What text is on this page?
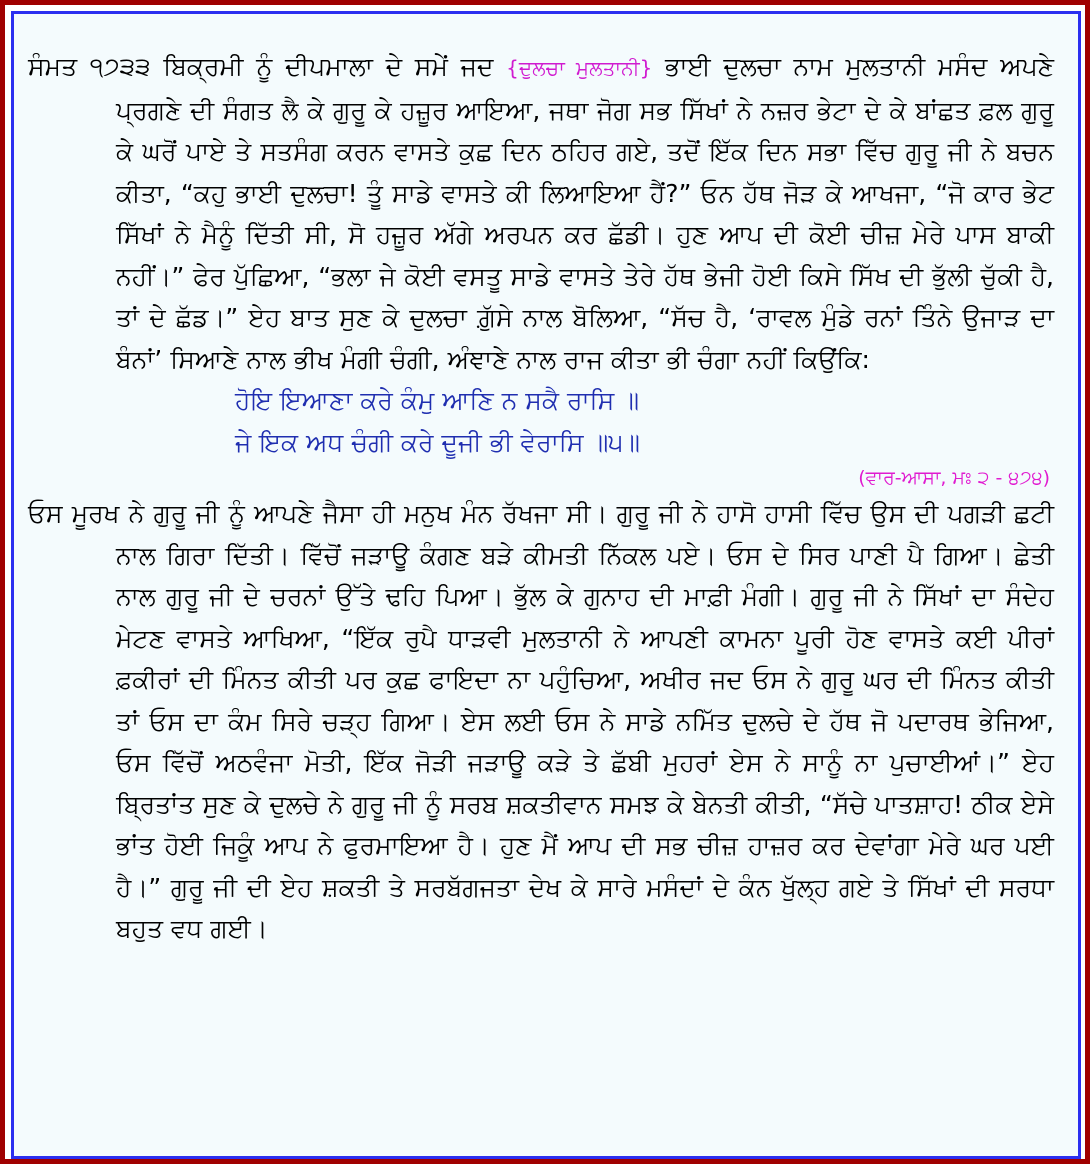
ਸੰਮਤ ੧੭੩੩ ਬਿਕ੍ਰਮੀ ਨੂੰ ਦੀਪਮਾਲਾ ਦੇ ਸਮੇਂ ਜਦ {ਦੁਲਚਾ ਮੁਲਤਾਨੀ} ਭਾਈ ਦੁਲਚਾ ਨਾਮ ਮੁਲਤਾਨੀ ਮਸੰਦ ਅਪਣੇ ਪ੍ਰਗਣੇ ਦੀ ਸੰਗਤ ਲੈ ਕੇ ਗੁਰੂ ਕੇ ਹਜ਼ੂਰ ਆਇਆ, ਜਥਾ ਜੋਗ ਸਭ ਸਿੱਖਾਂ ਨੇ ਨਜ਼ਰ ਭੇਟਾ ਦੇ ਕੇ ਬਾਂਛਤ ਫ਼ਲ ਗੁਰੂ ਕੇ ਘਰੋਂ ਪਾਏ ਤੇ ਸਤਸੰਗ ਕਰਨ ਵਾਸਤੇ ਕੁਛ ਦਿਨ ਠਹਿਰ ਗਏ, ਤਦੋਂ ਇੱਕ ਦਿਨ ਸਭਾ ਵਿੱਚ ਗੁਰੂ ਜੀ ਨੇ ਬਚਨ ਕੀਤਾ, “ਕਹੁ ਭਾਈ ਦੁਲਚਾ! ਤੂੰ ਸਾਡੇ ਵਾਸਤੇ ਕੀ ਲਿਆਇਆ ਹੈਂ?” ਓਨ ਹੱਥ ਜੋੜ ਕੇ ਆਖਜਾ, “ਜੋ ਕਾਰ ਭੇਟ ਸਿੱਖਾਂ ਨੇ ਮੈਨੂੰ ਦਿੱਤੀ ਸੀ, ਸੋ ਹਜ਼ੂਰ ਅੱਗੇ ਅਰਪਨ ਕਰ ਛੱਡੀ। ਹੁਣ ਆਪ ਦੀ ਕੋਈ ਚੀਜ਼ ਮੇਰੇ ਪਾਸ ਬਾਕੀ ਨਹੀਂ।” ਫੇਰ ਪੁੱਛਿਆ, “ਭਲਾ ਜੇ ਕੋਈ ਵਸਤੂ ਸਾਡੇ ਵਾਸਤੇ ਤੇਰੇ ਹੱਥ ਭੇਜੀ ਹੋਈ ਕਿਸੇ ਸਿੱਖ ਦੀ ਭੁੱਲੀ ਚੁੱਕੀ ਹੈ, ਤਾਂ ਦੇ ਛੱਡ।” ਏਹ ਬਾਤ ਸੁਣ ਕੇ ਦੁਲਚਾ ਗ਼ੁੱਸੇ ਨਾਲ ਬੋਲਿਆ, “ਸੱਚ ਹੈ, ‘ਰਾਵਲ ਮੁੰਡੇ ਰਨਾਂ ਤਿੰਨੇ ਉਜਾੜ ਦਾ ਬੰਨਾਂ’ ਸਿਆਣੇ ਨਾਲ ਭੀਖ ਮੰਗੀ ਚੰਗੀ, ਅੰਞਾਣੇ ਨਾਲ ਰਾਜ ਕੀਤਾ ਭੀ ਚੰਗਾ ਨਹੀਂ ਕਿਉਂਕਿ:

ਹੋਇ ਇਆਣਾ ਕਰੇ ਕੰਮੁ ਆਣਿ ਨ ਸਕੈ ਰਾਸਿ ॥

ਜੇ ਇਕ ਅਧ ਚੰਗੀ ਕਰੇ ਦੂਜੀ ਭੀ ਵੇਰਾਸਿ ॥੫॥

(ਵਾਰ-ਆਸਾ, ਮਃ ੨ - ੪੭੪)

ਓਸ ਮੂਰਖ ਨੇ ਗੁਰੂ ਜੀ ਨੂੰ ਆਪਣੇ ਜੈਸਾ ਹੀ ਮਨੁਖ ਮੰਨ ਰੱਖਜਾ ਸੀ। ਗੁਰੂ ਜੀ ਨੇ ਹਾਸੋ ਹਾਸੀ ਵਿੱਚ ਉਸ ਦੀ ਪਗੜੀ ਛਟੀ ਨਾਲ ਗਿਰਾ ਦਿੱਤੀ। ਵਿੱਚੋਂ ਜੜਾਊ ਕੰਗਣ ਬੜੇ ਕੀਮਤੀ ਨਿੱਕਲ ਪਏ। ਓਸ ਦੇ ਸਿਰ ਪਾਣੀ ਪੈ ਗਿਆ। ਛੇਤੀ ਨਾਲ ਗੁਰੂ ਜੀ ਦੇ ਚਰਨਾਂ ਉੱਤੇ ਢਹਿ ਪਿਆ। ਭੁੱਲ ਕੇ ਗੁਨਾਹ ਦੀ ਮਾਫ਼ੀ ਮੰਗੀ। ਗੁਰੂ ਜੀ ਨੇ ਸਿੱਖਾਂ ਦਾ ਸੰਦੇਹ ਮੇਟਣ ਵਾਸਤੇ ਆਖਿਆ, “ਇੱਕ ਰੁਪੈ ਧਾੜਵੀ ਮੁਲਤਾਨੀ ਨੇ ਆਪਣੀ ਕਾਮਨਾ ਪੂਰੀ ਹੋਣ ਵਾਸਤੇ ਕਈ ਪੀਰਾਂ ਫ਼ਕੀਰਾਂ ਦੀ ਮਿੰਨਤ ਕੀਤੀ ਪਰ ਕੁਛ ਫਾਇਦਾ ਨਾ ਪਹੁੰਚਿਆ, ਅਖੀਰ ਜਦ ਓਸ ਨੇ ਗੁਰੂ ਘਰ ਦੀ ਮਿੰਨਤ ਕੀਤੀ ਤਾਂ ਓਸ ਦਾ ਕੰਮ ਸਿਰੇ ਚੜ੍ਹ ਗਿਆ। ਏਸ ਲਈ ਓਸ ਨੇ ਸਾਡੇ ਨਮਿੱਤ ਦੁਲਚੇ ਦੇ ਹੱਥ ਜੋ ਪਦਾਰਥ ਭੇਜਿਆ, ਓਸ ਵਿੱਚੋਂ ਅਠਵੰਜਾ ਮੋਤੀ, ਇੱਕ ਜੋੜੀ ਜੜਾਊ ਕੜੇ ਤੇ ਛੱਬੀ ਮੁਹਰਾਂ ਏਸ ਨੇ ਸਾਨੂੰ ਨਾ ਪੁਚਾਈਆਂ।” ਏਹ ਬ੍ਰਿਤਾਂਤ ਸੁਣ ਕੇ ਦੁਲਚੇ ਨੇ ਗੁਰੂ ਜੀ ਨੂੰ ਸਰਬ ਸ਼ਕਤੀਵਾਨ ਸਮਝ ਕੇ ਬੇਨਤੀ ਕੀਤੀ, “ਸੱਚੇ ਪਾਤਸ਼ਾਹ! ਠੀਕ ਏਸੇ ਭਾਂਤ ਹੋਈ ਜਿਕੂੰ ਆਪ ਨੇ ਫੁਰਮਾਇਆ ਹੈ। ਹੁਣ ਮੈਂ ਆਪ ਦੀ ਸਭ ਚੀਜ਼ ਹਾਜ਼ਰ ਕਰ ਦੇਵਾਂਗਾ ਮੇਰੇ ਘਰ ਪਈ ਹੈ।” ਗੁਰੂ ਜੀ ਦੀ ਏਹ ਸ਼ਕਤੀ ਤੇ ਸਰਬੱਗਜਤਾ ਦੇਖ ਕੇ ਸਾਰੇ ਮਸੰਦਾਂ ਦੇ ਕੰਨ ਖੁੱਲ੍ਹ ਗਏ ਤੇ ਸਿੱਖਾਂ ਦੀ ਸਰਧਾ ਬਹੁਤ ਵਧ ਗਈ।
